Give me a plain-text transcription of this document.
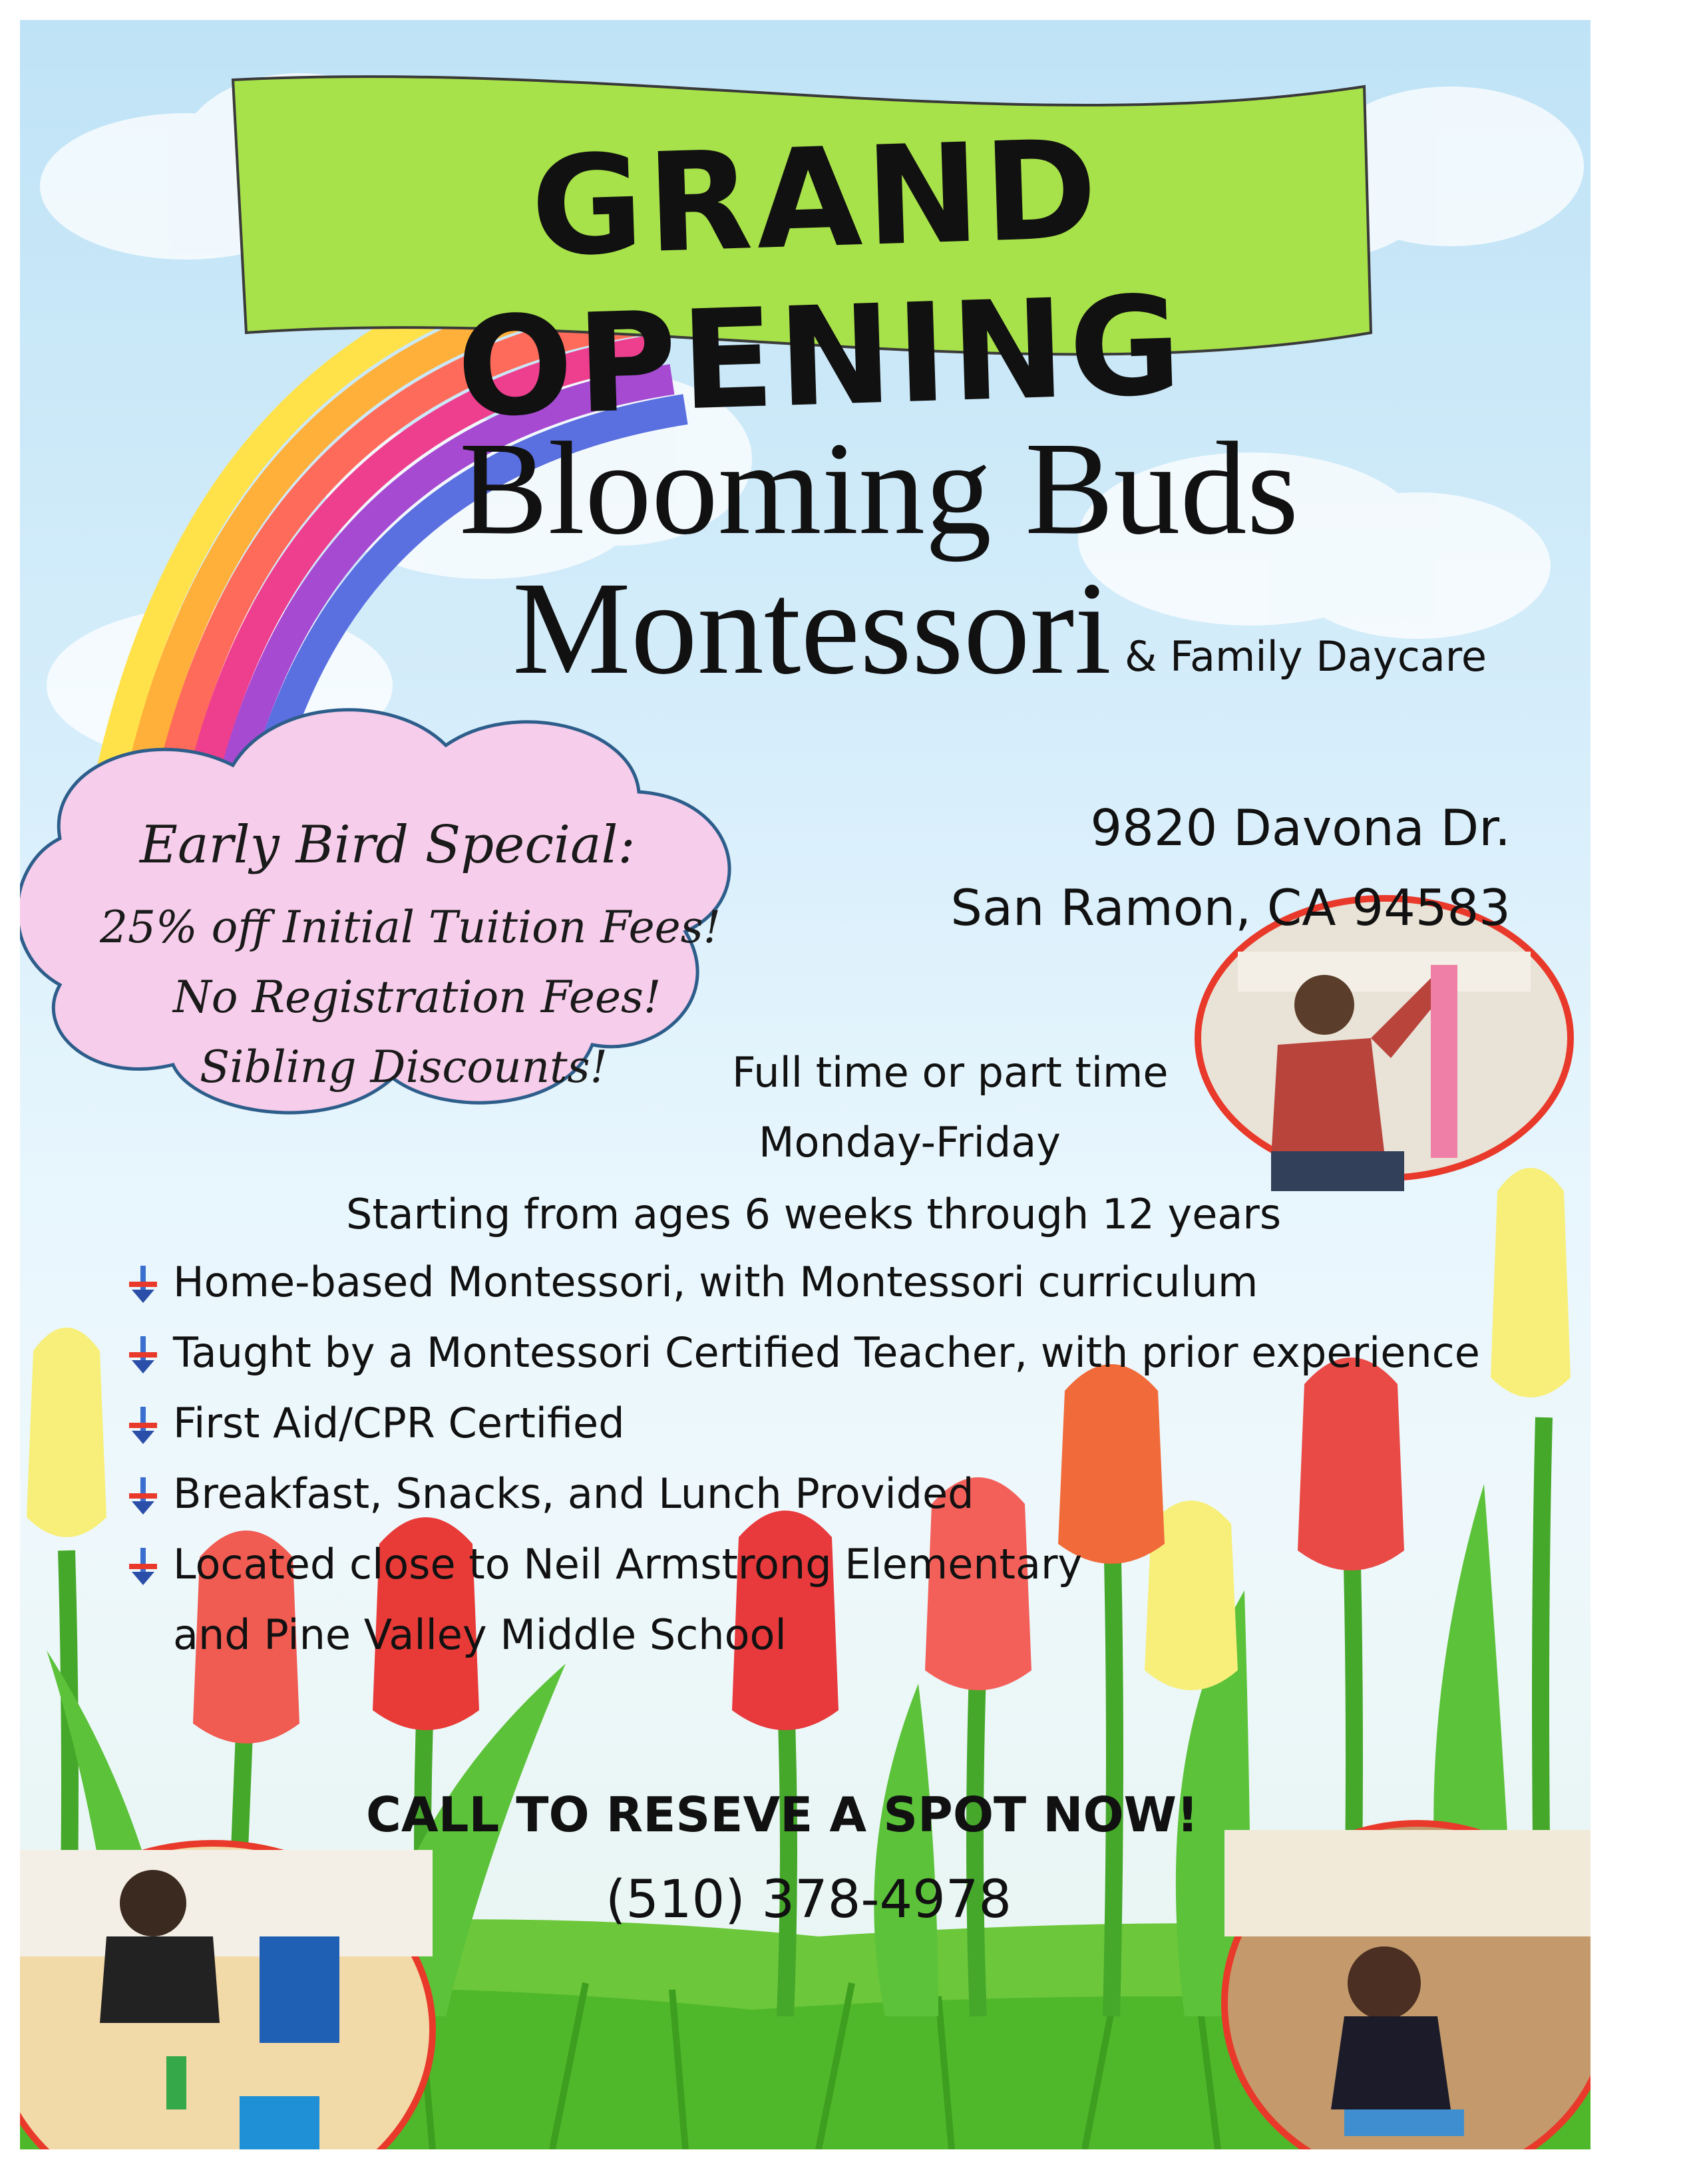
GRAND OPENING
Blooming Buds
Montessori & Family Daycare
9820 Davona Dr.
San Ramon, CA 94583
Early Bird Special:
25% off Initial Tuition Fees!
No Registration Fees!
Sibling Discounts!	Full time or part time
Monday-Friday
Starting from ages 6 weeks through 12 years
Home-based Montessori, with Montessori curriculum
Taught by a Montessori Certified Teacher, with prior experience
First Aid/CPR Certified
Breakfast, Snacks, and Lunch Provided
Located close to Neil Armstrong Elementary
and Pine Valley Middle School
CALL TO RESEVE A SPOT NOW!
(510) 378-4978
